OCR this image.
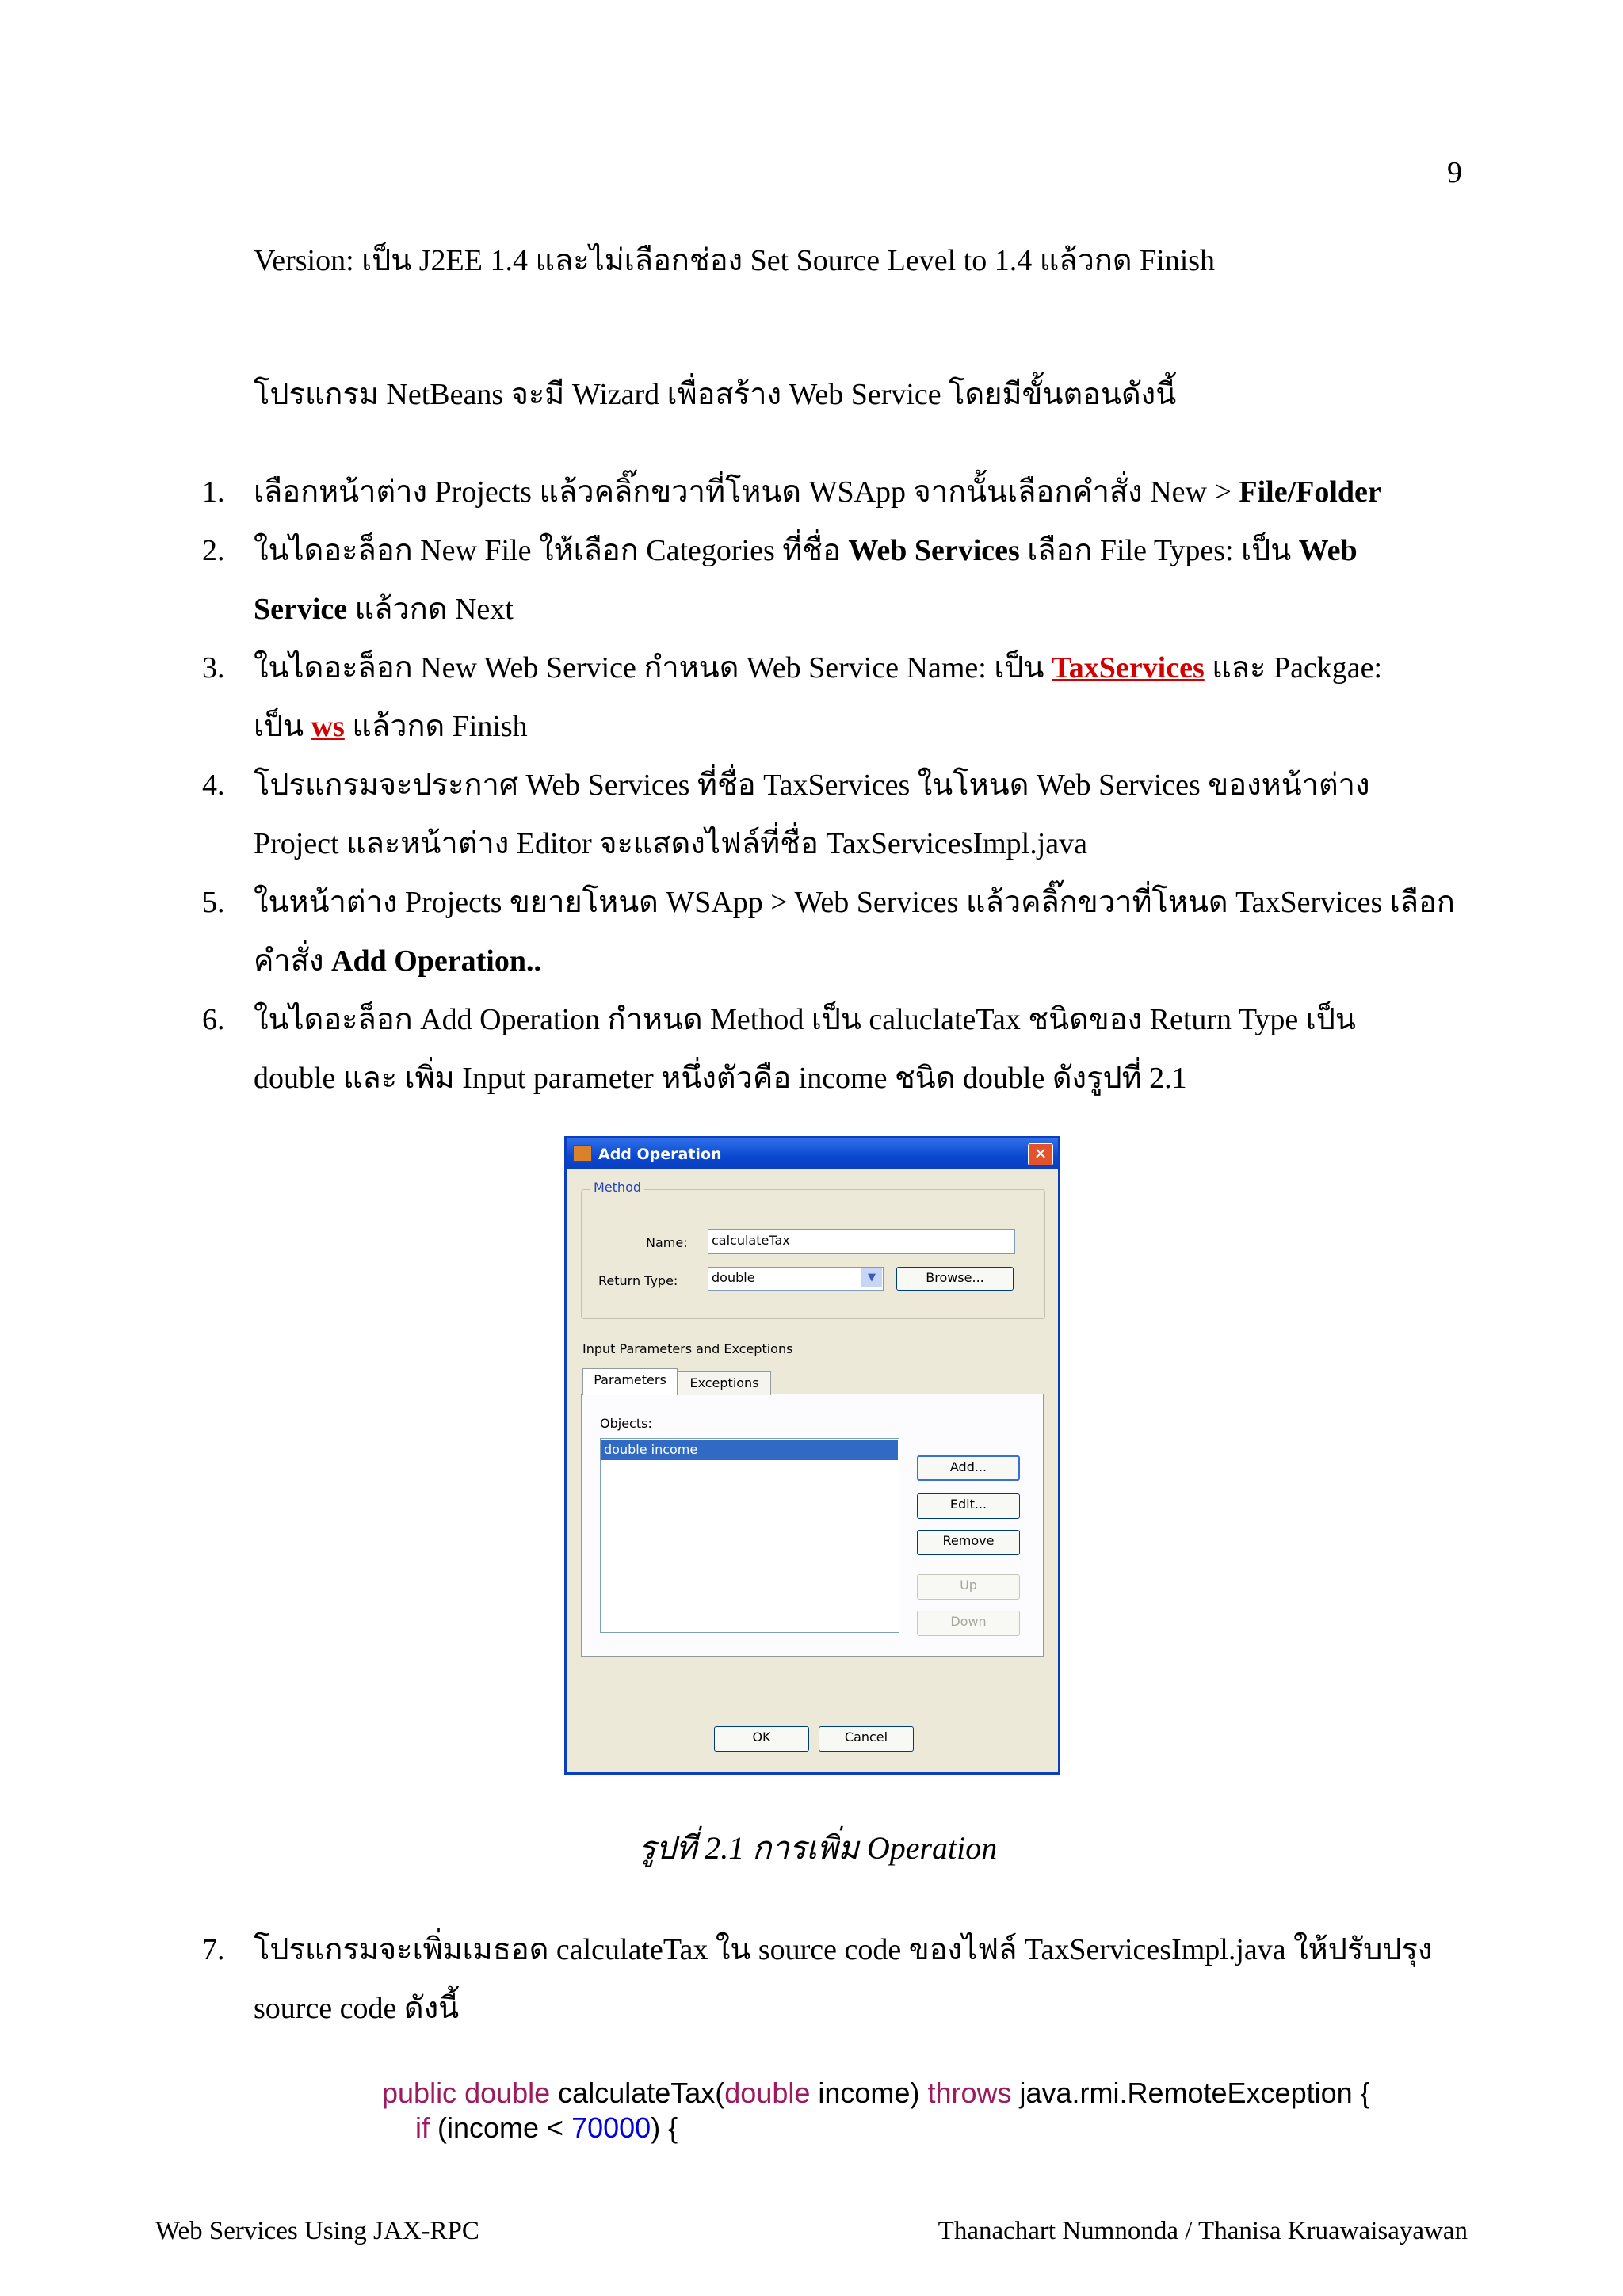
9
Version: เป็น J2EE 1.4 และไม่เลือกช่อง Set Source Level to 1.4 แล้วกด Finish
โปรแกรม NetBeans จะมี Wizard เพื่อสร้าง Web Service โดยมีขั้นตอนดังนี้
1. เลือกหน้าต่าง Projects แล้วคลิ๊กขวาที่โหนด WSApp จากนั้นเลือกคำสั่ง New > File/Folder
2. ในไดอะล็อก New File ให้เลือก Categories ที่ชื่อ Web Services เลือก File Types: เป็น Web
Service แล้วกด Next
3. ในไดอะล็อก New Web Service กำหนด Web Service Name: เป็น TaxServices และ Packgae:
เป็น ws แล้วกด Finish
4. โปรแกรมจะประกาศ Web Services ที่ชื่อ TaxServices ในโหนด Web Services ของหน้าต่าง
Project และหน้าต่าง Editor จะแสดงไฟล์ที่ชื่อ TaxServicesImpl.java
5. ในหน้าต่าง Projects ขยายโหนด WSApp > Web Services แล้วคลิ๊กขวาที่โหนด TaxServices เลือก
คำสั่ง Add Operation..
6. ในไดอะล็อก Add Operation กำหนด Method เป็น caluclateTax ชนิดของ Return Type เป็น
double และ เพิ่ม Input parameter หนึ่งตัวคือ income ชนิด double ดังรูปที่ 2.1
Add Operation	✕
Method
Name:	calculateTax
Return Type:	double	▼	Browse...
Input Parameters and Exceptions
Parameters	Exceptions
Objects:
double income
Add...
Edit...
Remove
Up
Down
OK	Cancel
รูปที่ 2.1 การเพิ่ม Operation
7. โปรแกรมจะเพิ่มเมธอด calculateTax ใน source code ของไฟล์ TaxServicesImpl.java ให้ปรับปรุง
source code ดังนี้
public double calculateTax(double income) throws java.rmi.RemoteException {
if (income < 70000) {
Web Services Using JAX-RPC	Thanachart Numnonda / Thanisa Kruawaisayawan
